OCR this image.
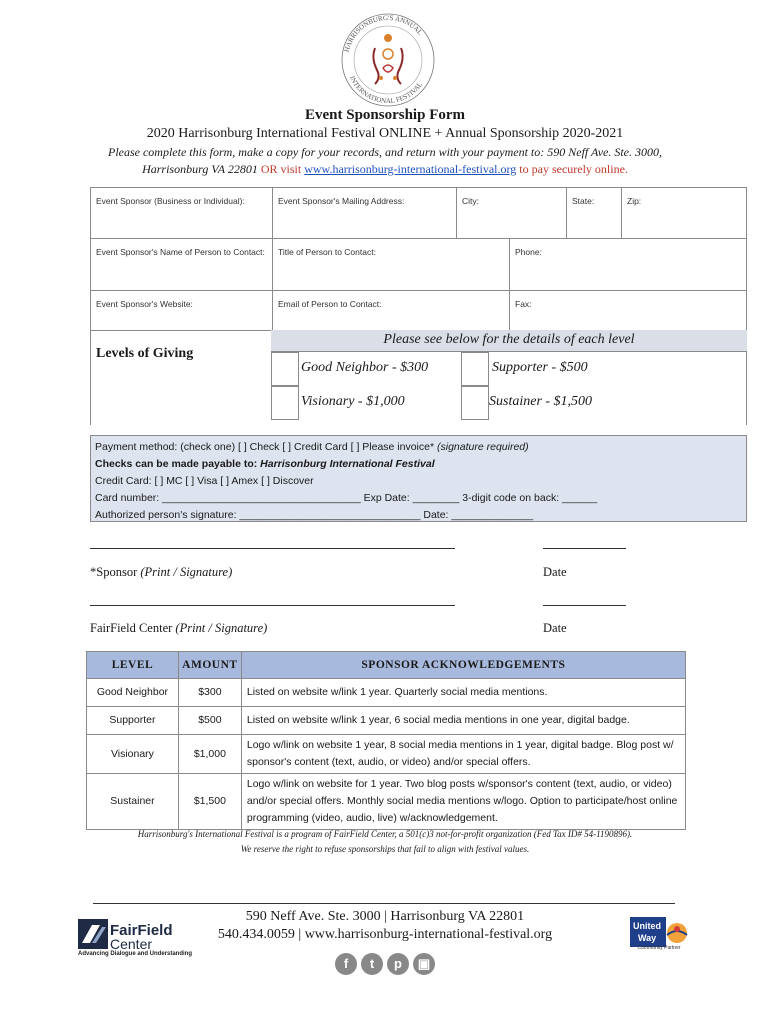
HARRISONBURG'S ANNUAL
INTERNATIONAL FESTIVAL
Event Sponsorship Form
2020 Harrisonburg International Festival ONLINE + Annual Sponsorship 2020-2021
Please complete this form, make a copy for your records, and return with your payment to: 590 Neff Ave. Ste. 3000, Harrisonburg VA 22801 OR visit www.harrisonburg-international-festival.org to pay securely online.
Event Sponsor (Business or Individual):	Event Sponsor's Mailing Address:	City:	State:	Zip:
Event Sponsor's Name of Person to Contact:	Title of Person to Contact:	Phone:
Event Sponsor's Website:	Email of Person to Contact:	Fax:
Levels of Giving
Please see below for the details of each level
Good Neighbor - $300	Supporter - $500
Visionary - $1,000	Sustainer - $1,500
Payment method: (check one) [ ] Check [ ] Credit Card [ ] Please invoice* (signature required)
Checks can be made payable to: Harrisonburg International Festival
Credit Card: [ ] MC [ ] Visa [ ] Amex [ ] Discover
Card number: __________________________________ Exp Date: ________ 3-digit code on back: ______
Authorized person's signature: _______________________________ Date: ______________
*Sponsor (Print / Signature)	Date
FairField Center (Print / Signature)	Date
LEVEL	AMOUNT	SPONSOR ACKNOWLEDGEMENTS
Good Neighbor	$300	Listed on website w/link 1 year. Quarterly social media mentions.
Supporter	$500	Listed on website w/link 1 year, 6 social media mentions in one year, digital badge.
Visionary	$1,000	Logo w/link on website 1 year, 8 social media mentions in 1 year, digital badge. Blog post w/ sponsor's content (text, audio, or video) and/or special offers.
Sustainer	$1,500	Logo w/link on website for 1 year. Two blog posts w/sponsor's content (text, audio, or video) and/or special offers. Monthly social media mentions w/logo. Option to participate/host online programming (video, audio, live) w/acknowledgement.
Harrisonburg's International Festival is a program of FairField Center, a 501(c)3 not-for-profit organization (Fed Tax ID# 54-1190896).
We reserve the right to refuse sponsorships that fail to align with festival values.
590 Neff Ave. Ste. 3000 | Harrisonburg VA 22801
540.434.0059 | www.harrisonburg-international-festival.org
FairField
Center
Advancing Dialogue and Understanding
United
Way
Community Partner
f	t	p	▣
